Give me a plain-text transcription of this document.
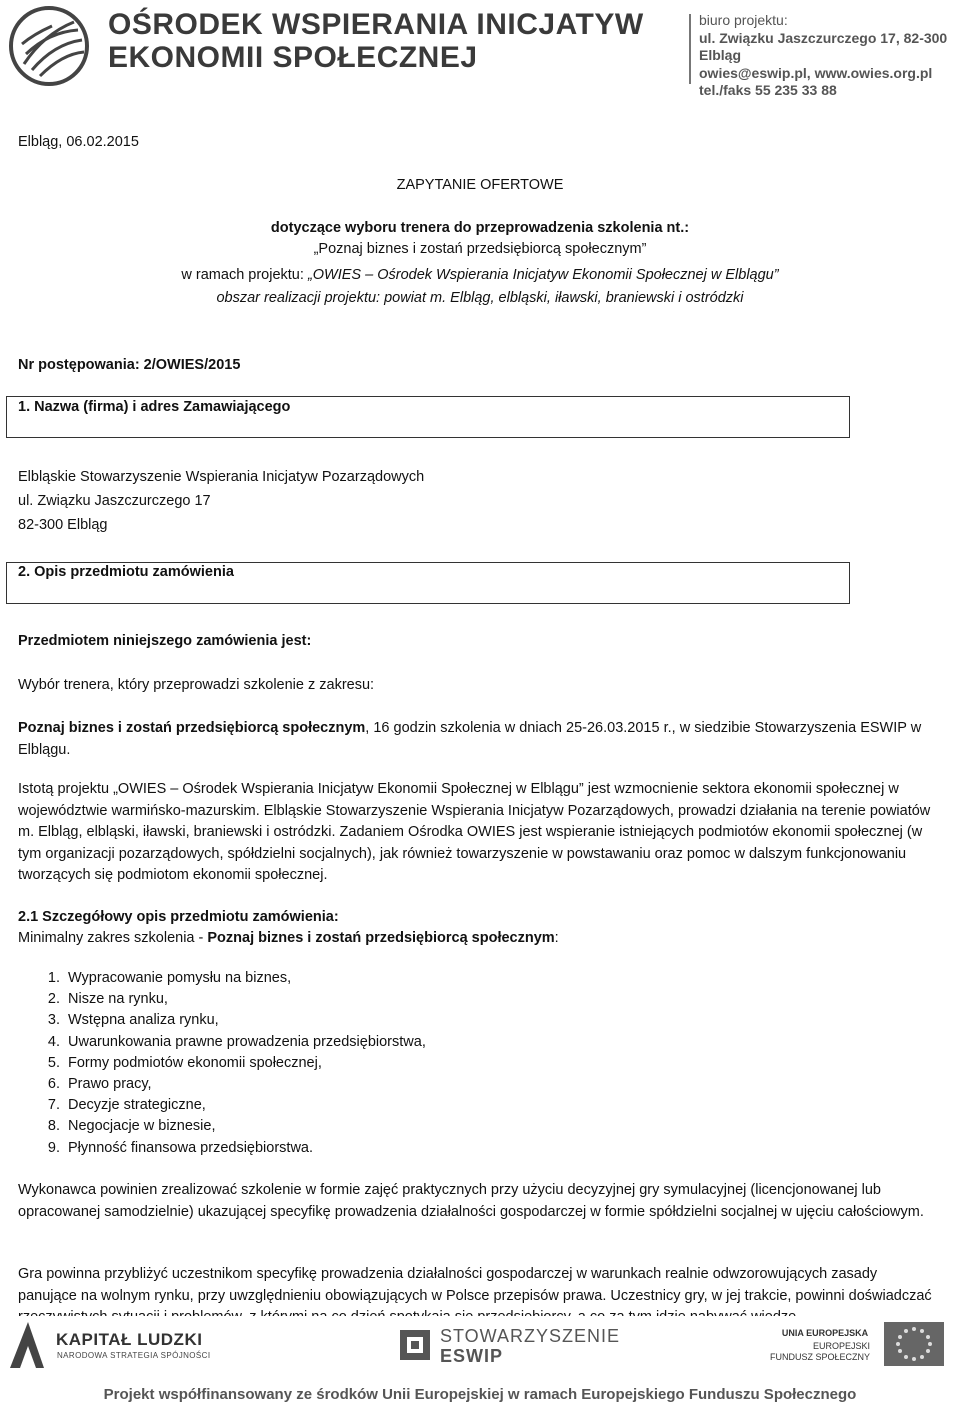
OŚRODEK WSPIERANIA INICJATYW
EKONOMII SPOŁECZNEJ
biuro projektu:
ul. Związku Jaszczurczego 17, 82-300 Elbląg
owies@eswip.pl, www.owies.org.pl
tel./faks 55 235 33 88
Elbląg, 06.02.2015
ZAPYTANIE OFERTOWE
dotyczące wyboru trenera do przeprowadzenia szkolenia nt.:
„Poznaj biznes i zostań przedsiębiorcą społecznym”
w ramach projektu: „OWIES – Ośrodek Wspierania Inicjatyw Ekonomii Społecznej w Elblągu”
obszar realizacji projektu: powiat m. Elbląg, elbląski, iławski, braniewski i ostródzki
Nr postępowania: 2/OWIES/2015
1. Nazwa (firma) i adres Zamawiającego
Elbląskie Stowarzyszenie Wspierania Inicjatyw Pozarządowych
ul. Związku Jaszczurczego 17
82-300 Elbląg
2. Opis przedmiotu zamówienia
Przedmiotem niniejszego zamówienia jest:
Wybór trenera, który przeprowadzi szkolenie z zakresu:
Poznaj biznes i zostań przedsiębiorcą społecznym, 16 godzin szkolenia w dniach 25-26.03.2015 r., w siedzibie Stowarzyszenia ESWIP w Elblągu.
Istotą projektu „OWIES – Ośrodek Wspierania Inicjatyw Ekonomii Społecznej w Elblągu” jest wzmocnienie sektora ekonomii społecznej w województwie warmińsko-mazurskim. Elbląskie Stowarzyszenie Wspierania Inicjatyw Pozarządowych, prowadzi działania na terenie powiatów m. Elbląg, elbląski, iławski, braniewski i ostródzki. Zadaniem Ośrodka OWIES jest wspieranie istniejących podmiotów ekonomii społecznej (w tym organizacji pozarządowych, spółdzielni socjalnych), jak również towarzyszenie w powstawaniu oraz pomoc w dalszym funkcjonowaniu tworzących się podmiotom ekonomii społecznej.
2.1 Szczegółowy opis przedmiotu zamówienia:
Minimalny zakres szkolenia - Poznaj biznes i zostań przedsiębiorcą społecznym:
1. Wypracowanie pomysłu na biznes,
2. Nisze na rynku,
3. Wstępna analiza rynku,
4. Uwarunkowania prawne prowadzenia przedsiębiorstwa,
5. Formy podmiotów ekonomii społecznej,
6. Prawo pracy,
7. Decyzje strategiczne,
8. Negocjacje w biznesie,
9. Płynność finansowa przedsiębiorstwa.
Wykonawca powinien zrealizować szkolenie w formie zajęć praktycznych przy użyciu decyzyjnej gry symulacyjnej (licencjonowanej lub opracowanej samodzielnie) ukazującej specyfikę prowadzenia działalności gospodarczej w formie spółdzielni socjalnej w ujęciu całościowym.
Gra powinna przybliżyć uczestnikom specyfikę prowadzenia działalności gospodarczej w warunkach realnie odwzorowujących zasady panujące na wolnym rynku, przy uwzględnieniu obowiązujących w Polsce przepisów prawa. Uczestnicy gry, w jej trakcie, powinni doświadczać
KAPITAŁ LUDZKI
NARODOWA STRATEGIA SPÓJNOŚCI
STOWARZYSZENIE
ESWIP
UNIA EUROPEJSKA
EUROPEJSKI
FUNDUSZ SPOŁECZNY
Projekt współfinansowany ze środków Unii Europejskiej w ramach Europejskiego Funduszu Społecznego
